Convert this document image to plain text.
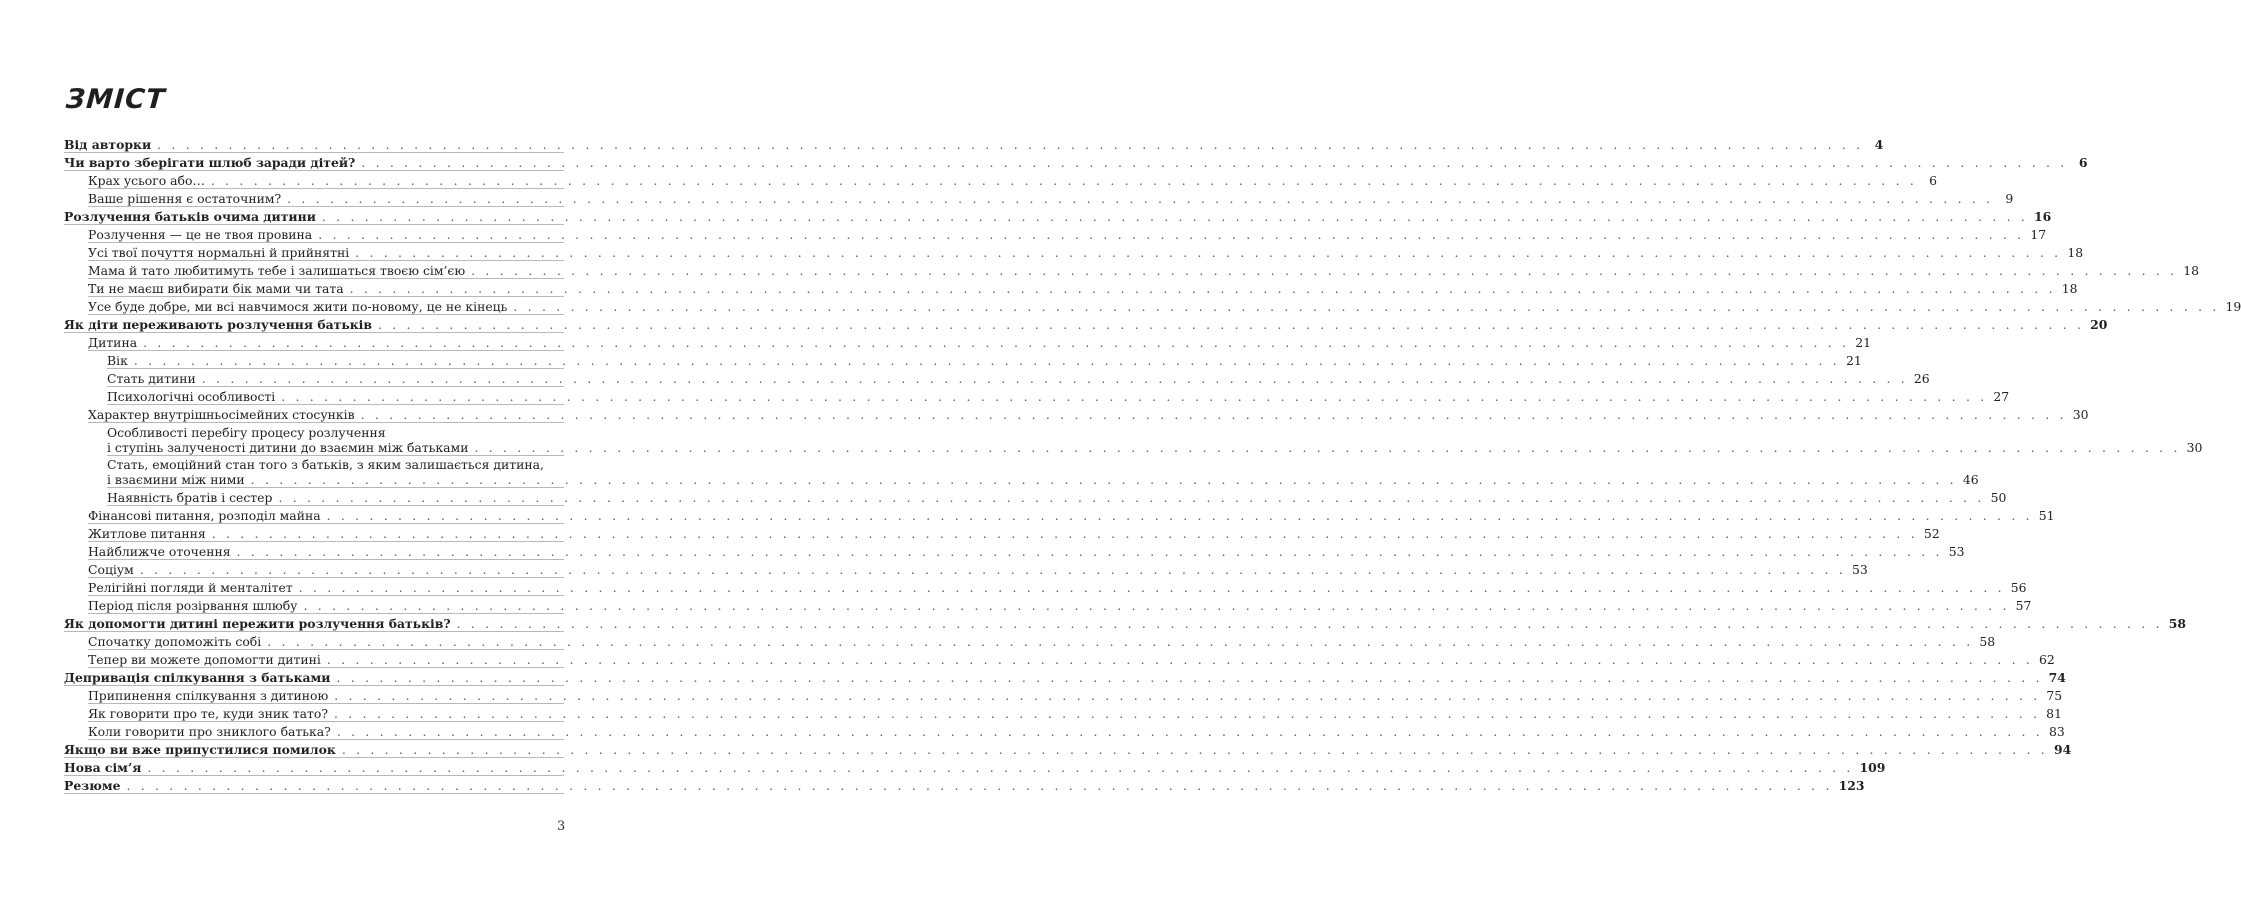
ЗМІСТ
Від авторки . . . . . . . . . . . . . . . . . . . . . . . . . . . . . . . . . . . . . . . . . . . . . . . . . . . . . . . . . . . . . . . . . . . . . . . . . . . . . . . . . . . . . . . . . . . . . . . . . . . . . . . . . . . . . . . . . . . . . . . . 4
Чи варто зберігати шлюб заради дітей? . . . . . . . . . . . . . . . . . . . . . . . . . . . . . . . . . . . . . . . . . . . . . . . . . . . . . . . . . . . . . . . . . . . . . . . . . . . . . . . . . . . . . . . . . . . . . . . . . . . . . . . . . . . . . . . . . . . . . . . . 6
Крах усього або… . . . . . . . . . . . . . . . . . . . . . . . . . . . . . . . . . . . . . . . . . . . . . . . . . . . . . . . . . . . . . . . . . . . . . . . . . . . . . . . . . . . . . . . . . . . . . . . . . . . . . . . . . . . . . . . . . . . . . . . . 6
Ваше рішення є остаточним? . . . . . . . . . . . . . . . . . . . . . . . . . . . . . . . . . . . . . . . . . . . . . . . . . . . . . . . . . . . . . . . . . . . . . . . . . . . . . . . . . . . . . . . . . . . . . . . . . . . . . . . . . . . . . . . . . . . . . . . . 9
Розлучення батьків очима дитини . . . . . . . . . . . . . . . . . . . . . . . . . . . . . . . . . . . . . . . . . . . . . . . . . . . . . . . . . . . . . . . . . . . . . . . . . . . . . . . . . . . . . . . . . . . . . . . . . . . . . . . . . . . . . . . . . . . . . . . . 16
Розлучення — це не твоя провина . . . . . . . . . . . . . . . . . . . . . . . . . . . . . . . . . . . . . . . . . . . . . . . . . . . . . . . . . . . . . . . . . . . . . . . . . . . . . . . . . . . . . . . . . . . . . . . . . . . . . . . . . . . . . . . . . . . . . . . . 17
Усі твої почуття нормальні й прийнятні . . . . . . . . . . . . . . . . . . . . . . . . . . . . . . . . . . . . . . . . . . . . . . . . . . . . . . . . . . . . . . . . . . . . . . . . . . . . . . . . . . . . . . . . . . . . . . . . . . . . . . . . . . . . . . . . . . . . . . . . 18
Мама й тато любитимуть тебе і залишаться твоєю сім’єю . . . . . . . . . . . . . . . . . . . . . . . . . . . . . . . . . . . . . . . . . . . . . . . . . . . . . . . . . . . . . . . . . . . . . . . . . . . . . . . . . . . . . . . . . . . . . . . . . . . . . . . . . . . . . . . . . . . . . . . . 18
Ти не маєш вибирати бік мами чи тата . . . . . . . . . . . . . . . . . . . . . . . . . . . . . . . . . . . . . . . . . . . . . . . . . . . . . . . . . . . . . . . . . . . . . . . . . . . . . . . . . . . . . . . . . . . . . . . . . . . . . . . . . . . . . . . . . . . . . . . . 18
Усе буде добре, ми всі навчимося жити по-новому, це не кінець . . . . . . . . . . . . . . . . . . . . . . . . . . . . . . . . . . . . . . . . . . . . . . . . . . . . . . . . . . . . . . . . . . . . . . . . . . . . . . . . . . . . . . . . . . . . . . . . . . . . . . . . . . . . . . . . . . . . . . . . 19
Як діти переживають розлучення батьків . . . . . . . . . . . . . . . . . . . . . . . . . . . . . . . . . . . . . . . . . . . . . . . . . . . . . . . . . . . . . . . . . . . . . . . . . . . . . . . . . . . . . . . . . . . . . . . . . . . . . . . . . . . . . . . . . . . . . . . . 20
Дитина . . . . . . . . . . . . . . . . . . . . . . . . . . . . . . . . . . . . . . . . . . . . . . . . . . . . . . . . . . . . . . . . . . . . . . . . . . . . . . . . . . . . . . . . . . . . . . . . . . . . . . . . . . . . . . . . . . . . . . . . 21
Вік . . . . . . . . . . . . . . . . . . . . . . . . . . . . . . . . . . . . . . . . . . . . . . . . . . . . . . . . . . . . . . . . . . . . . . . . . . . . . . . . . . . . . . . . . . . . . . . . . . . . . . . . . . . . . . . . . . . . . . . . 21
Стать дитини . . . . . . . . . . . . . . . . . . . . . . . . . . . . . . . . . . . . . . . . . . . . . . . . . . . . . . . . . . . . . . . . . . . . . . . . . . . . . . . . . . . . . . . . . . . . . . . . . . . . . . . . . . . . . . . . . . . . . . . . 26
Психологічні особливості . . . . . . . . . . . . . . . . . . . . . . . . . . . . . . . . . . . . . . . . . . . . . . . . . . . . . . . . . . . . . . . . . . . . . . . . . . . . . . . . . . . . . . . . . . . . . . . . . . . . . . . . . . . . . . . . . . . . . . . . 27
Характер внутрішньосімейних стосунків . . . . . . . . . . . . . . . . . . . . . . . . . . . . . . . . . . . . . . . . . . . . . . . . . . . . . . . . . . . . . . . . . . . . . . . . . . . . . . . . . . . . . . . . . . . . . . . . . . . . . . . . . . . . . . . . . . . . . . . . 30
Особливості перебігу процесу розлучення
і ступінь залученості дитини до взаємин між батьками . . . . . . . . . . . . . . . . . . . . . . . . . . . . . . . . . . . . . . . . . . . . . . . . . . . . . . . . . . . . . . . . . . . . . . . . . . . . . . . . . . . . . . . . . . . . . . . . . . . . . . . . . . . . . . . . . . . . . . . . 30
Стать, емоційний стан того з батьків, з яким залишається дитина,
і взаємини між ними . . . . . . . . . . . . . . . . . . . . . . . . . . . . . . . . . . . . . . . . . . . . . . . . . . . . . . . . . . . . . . . . . . . . . . . . . . . . . . . . . . . . . . . . . . . . . . . . . . . . . . . . . . . . . . . . . . . . . . . . 46
Наявність братів і сестер . . . . . . . . . . . . . . . . . . . . . . . . . . . . . . . . . . . . . . . . . . . . . . . . . . . . . . . . . . . . . . . . . . . . . . . . . . . . . . . . . . . . . . . . . . . . . . . . . . . . . . . . . . . . . . . . . . . . . . . . 50
Фінансові питання, розподіл майна . . . . . . . . . . . . . . . . . . . . . . . . . . . . . . . . . . . . . . . . . . . . . . . . . . . . . . . . . . . . . . . . . . . . . . . . . . . . . . . . . . . . . . . . . . . . . . . . . . . . . . . . . . . . . . . . . . . . . . . . 51
Житлове питання . . . . . . . . . . . . . . . . . . . . . . . . . . . . . . . . . . . . . . . . . . . . . . . . . . . . . . . . . . . . . . . . . . . . . . . . . . . . . . . . . . . . . . . . . . . . . . . . . . . . . . . . . . . . . . . . . . . . . . . . 52
Найближче оточення . . . . . . . . . . . . . . . . . . . . . . . . . . . . . . . . . . . . . . . . . . . . . . . . . . . . . . . . . . . . . . . . . . . . . . . . . . . . . . . . . . . . . . . . . . . . . . . . . . . . . . . . . . . . . . . . . . . . . . . . 53
Соціум . . . . . . . . . . . . . . . . . . . . . . . . . . . . . . . . . . . . . . . . . . . . . . . . . . . . . . . . . . . . . . . . . . . . . . . . . . . . . . . . . . . . . . . . . . . . . . . . . . . . . . . . . . . . . . . . . . . . . . . . 53
Релігійні погляди й менталітет . . . . . . . . . . . . . . . . . . . . . . . . . . . . . . . . . . . . . . . . . . . . . . . . . . . . . . . . . . . . . . . . . . . . . . . . . . . . . . . . . . . . . . . . . . . . . . . . . . . . . . . . . . . . . . . . . . . . . . . . 56
Період після розірвання шлюбу . . . . . . . . . . . . . . . . . . . . . . . . . . . . . . . . . . . . . . . . . . . . . . . . . . . . . . . . . . . . . . . . . . . . . . . . . . . . . . . . . . . . . . . . . . . . . . . . . . . . . . . . . . . . . . . . . . . . . . . . 57
Як допомогти дитині пережити розлучення батьків? . . . . . . . . . . . . . . . . . . . . . . . . . . . . . . . . . . . . . . . . . . . . . . . . . . . . . . . . . . . . . . . . . . . . . . . . . . . . . . . . . . . . . . . . . . . . . . . . . . . . . . . . . . . . . . . . . . . . . . . . 58
Спочатку допоможіть собі . . . . . . . . . . . . . . . . . . . . . . . . . . . . . . . . . . . . . . . . . . . . . . . . . . . . . . . . . . . . . . . . . . . . . . . . . . . . . . . . . . . . . . . . . . . . . . . . . . . . . . . . . . . . . . . . . . . . . . . . 58
Тепер ви можете допомогти дитині . . . . . . . . . . . . . . . . . . . . . . . . . . . . . . . . . . . . . . . . . . . . . . . . . . . . . . . . . . . . . . . . . . . . . . . . . . . . . . . . . . . . . . . . . . . . . . . . . . . . . . . . . . . . . . . . . . . . . . . . 62
Депривація спілкування з батьками . . . . . . . . . . . . . . . . . . . . . . . . . . . . . . . . . . . . . . . . . . . . . . . . . . . . . . . . . . . . . . . . . . . . . . . . . . . . . . . . . . . . . . . . . . . . . . . . . . . . . . . . . . . . . . . . . . . . . . . . 74
Припинення спілкування з дитиною . . . . . . . . . . . . . . . . . . . . . . . . . . . . . . . . . . . . . . . . . . . . . . . . . . . . . . . . . . . . . . . . . . . . . . . . . . . . . . . . . . . . . . . . . . . . . . . . . . . . . . . . . . . . . . . . . . . . . . . . 75
Як говорити про те, куди зник тато? . . . . . . . . . . . . . . . . . . . . . . . . . . . . . . . . . . . . . . . . . . . . . . . . . . . . . . . . . . . . . . . . . . . . . . . . . . . . . . . . . . . . . . . . . . . . . . . . . . . . . . . . . . . . . . . . . . . . . . . . 81
Коли говорити про зниклого батька? . . . . . . . . . . . . . . . . . . . . . . . . . . . . . . . . . . . . . . . . . . . . . . . . . . . . . . . . . . . . . . . . . . . . . . . . . . . . . . . . . . . . . . . . . . . . . . . . . . . . . . . . . . . . . . . . . . . . . . . . 83
Якщо ви вже припустилися помилок . . . . . . . . . . . . . . . . . . . . . . . . . . . . . . . . . . . . . . . . . . . . . . . . . . . . . . . . . . . . . . . . . . . . . . . . . . . . . . . . . . . . . . . . . . . . . . . . . . . . . . . . . . . . . . . . . . . . . . . . 94
Нова сім’я . . . . . . . . . . . . . . . . . . . . . . . . . . . . . . . . . . . . . . . . . . . . . . . . . . . . . . . . . . . . . . . . . . . . . . . . . . . . . . . . . . . . . . . . . . . . . . . . . . . . . . . . . . . . . . . . . . . . . . . . 109
Резюме . . . . . . . . . . . . . . . . . . . . . . . . . . . . . . . . . . . . . . . . . . . . . . . . . . . . . . . . . . . . . . . . . . . . . . . . . . . . . . . . . . . . . . . . . . . . . . . . . . . . . . . . . . . . . . . . . . . . . . . . 123
3
